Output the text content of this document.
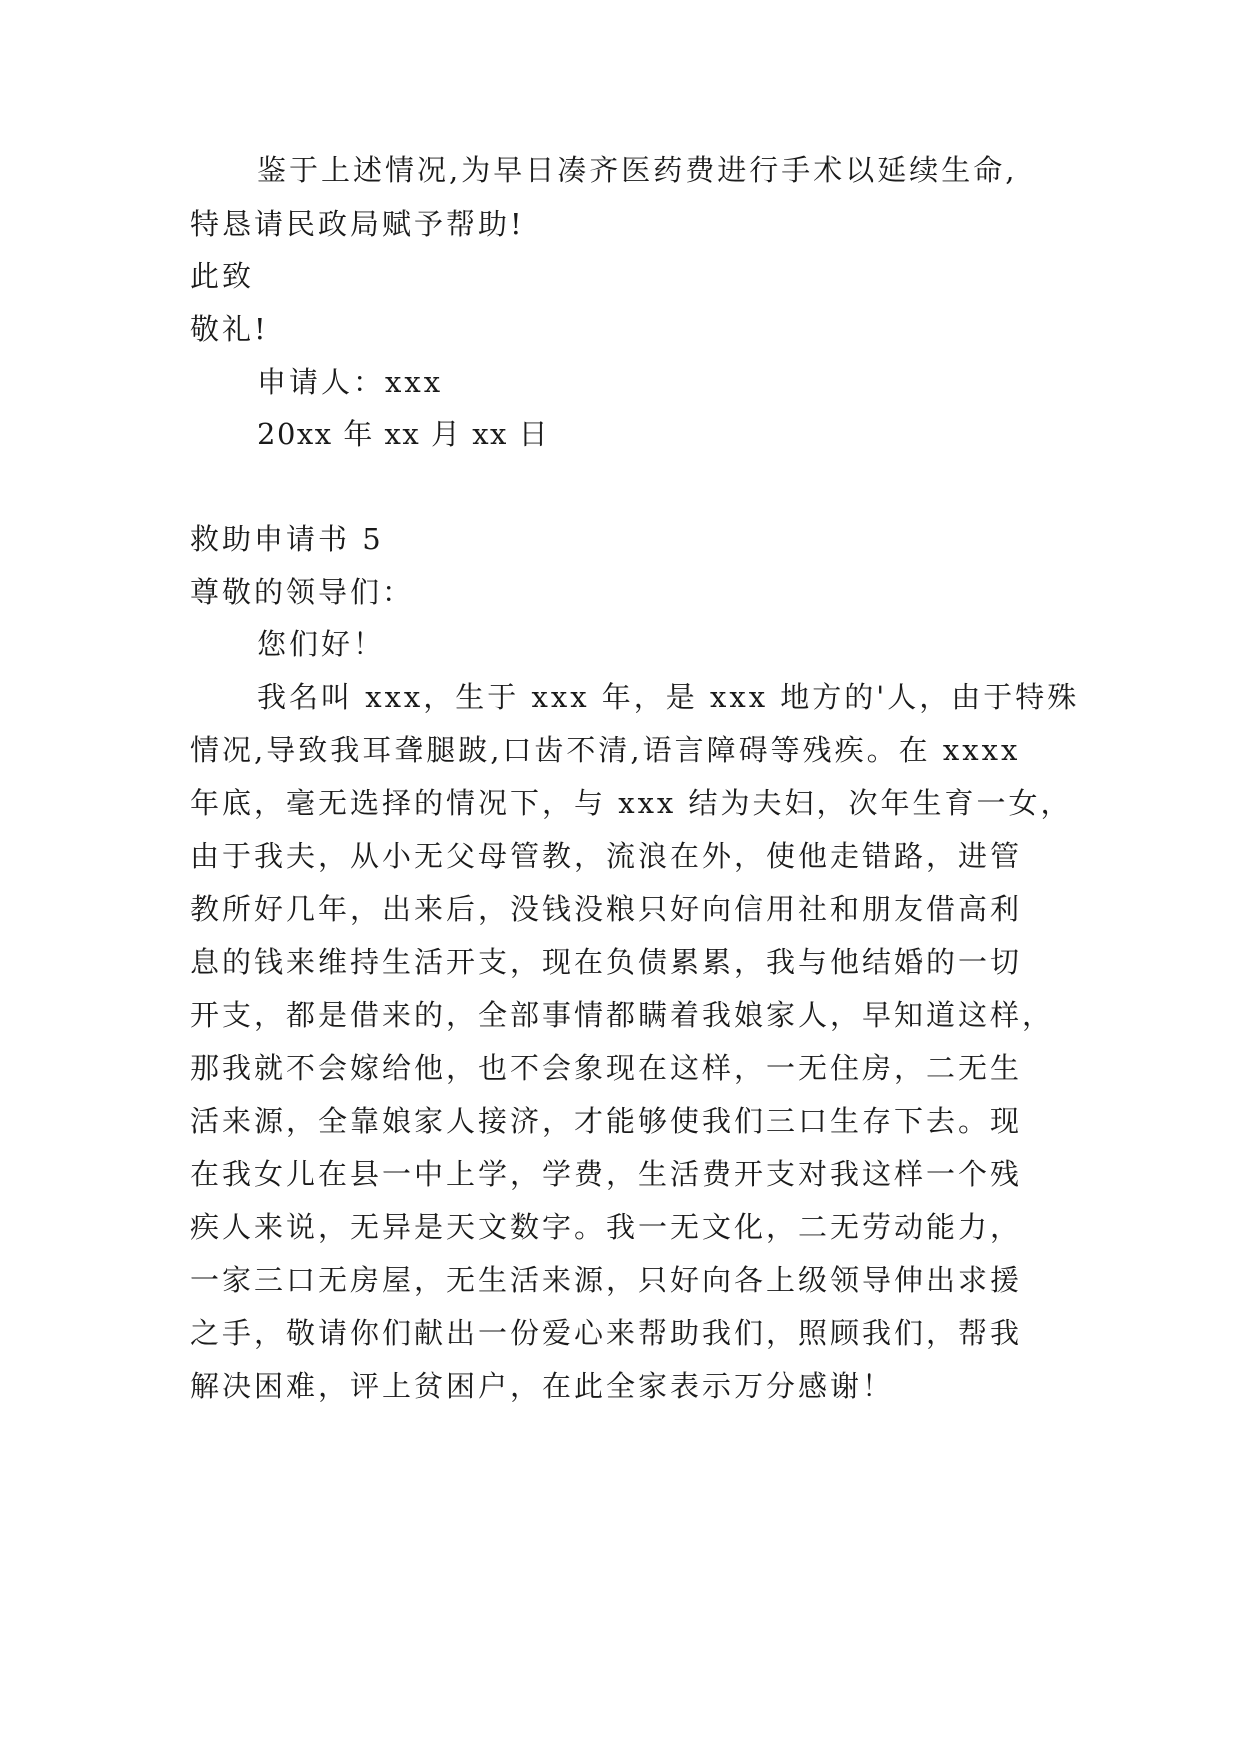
鉴于上述情况,为早日凑齐医药费进行手术以延续生命,
特恳请民政局赋予帮助!
此致
敬礼!
申请人：xxx
20xx 年 xx 月 xx 日
救助申请书 5
尊敬的领导们：
您们好！
我名叫 xxx，生于 xxx 年，是 xxx 地方的'人，由于特殊
情况,导致我耳聋腿跛,口齿不清,语言障碍等残疾。在 xxxx
年底，毫无选择的情况下，与 xxx 结为夫妇，次年生育一女，
由于我夫，从小无父母管教，流浪在外，使他走错路，进管
教所好几年，出来后，没钱没粮只好向信用社和朋友借高利
息的钱来维持生活开支，现在负债累累，我与他结婚的一切
开支，都是借来的，全部事情都瞒着我娘家人，早知道这样，
那我就不会嫁给他，也不会象现在这样，一无住房，二无生
活来源，全靠娘家人接济，才能够使我们三口生存下去。现
在我女儿在县一中上学，学费，生活费开支对我这样一个残
疾人来说，无异是天文数字。我一无文化，二无劳动能力，
一家三口无房屋，无生活来源，只好向各上级领导伸出求援
之手，敬请你们献出一份爱心来帮助我们，照顾我们，帮我
解决困难，评上贫困户，在此全家表示万分感谢！
